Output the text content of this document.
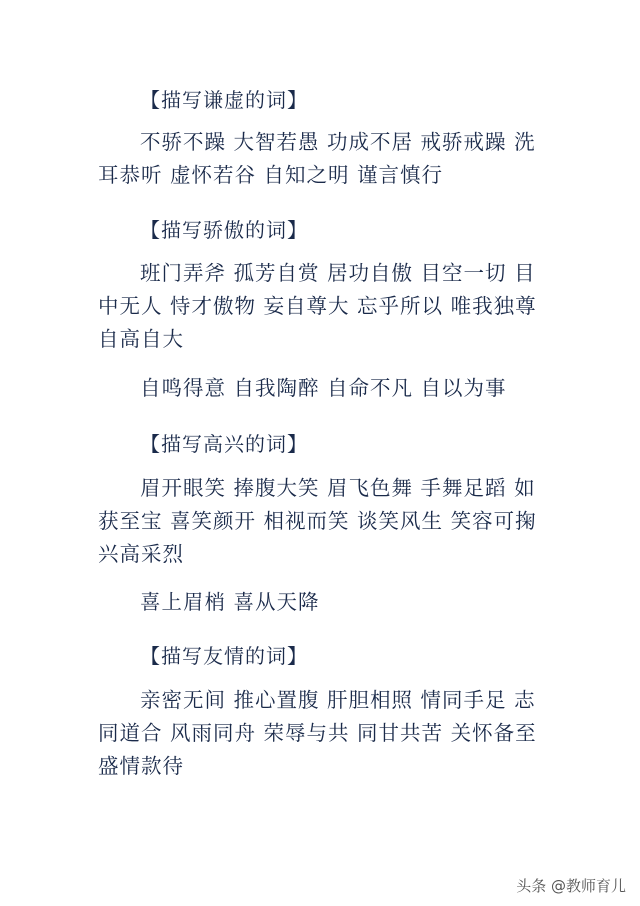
【描写谦虚的词】
不骄不躁 大智若愚 功成不居 戒骄戒躁 洗耳恭听 虚怀若谷 自知之明 谨言慎行
【描写骄傲的词】
班门弄斧 孤芳自赏 居功自傲 目空一切 目中无人 恃才傲物 妄自尊大 忘乎所以 唯我独尊 自高自大
自鸣得意 自我陶醉 自命不凡 自以为事
【描写高兴的词】
眉开眼笑 捧腹大笑 眉飞色舞 手舞足蹈 如获至宝 喜笑颜开 相视而笑 谈笑风生 笑容可掬 兴高采烈
喜上眉梢 喜从天降
【描写友情的词】
亲密无间 推心置腹 肝胆相照 情同手足 志同道合 风雨同舟 荣辱与共 同甘共苦 关怀备至 盛情款待
头条 @教师育儿
